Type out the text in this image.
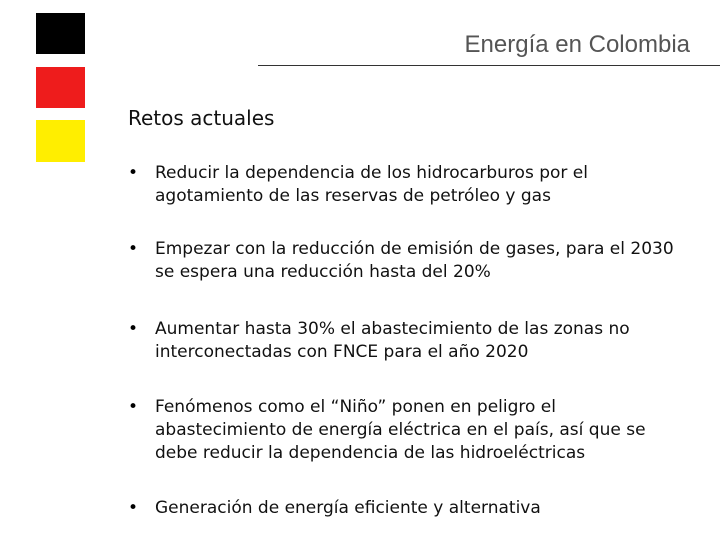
Energía en Colombia
Retos actuales
• Reducir la dependencia de los hidrocarburos por el agotamiento de las reservas de petróleo y gas
• Empezar con la reducción de emisión de gases, para el 2030 se espera una reducción hasta del 20%
• Aumentar hasta 30% el abastecimiento de las zonas no interconectadas con FNCE para el año 2020
• Fenómenos como el “Niño” ponen en peligro el abastecimiento de energía eléctrica en el país, así que se debe reducir la dependencia de las hidroeléctricas
• Generación de energía eficiente y alternativa
